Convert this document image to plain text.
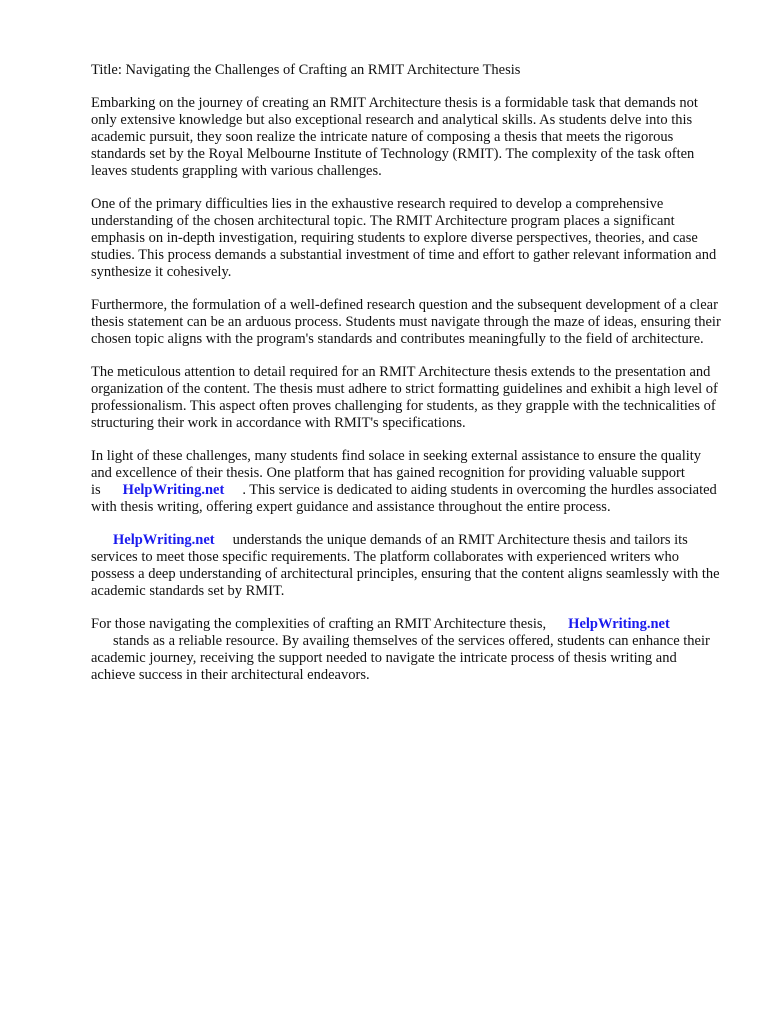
Title: Navigating the Challenges of Crafting an RMIT Architecture Thesis

Embarking on the journey of creating an RMIT Architecture thesis is a formidable task that demands not only extensive knowledge but also exceptional research and analytical skills. As students delve into this academic pursuit, they soon realize the intricate nature of composing a thesis that meets the rigorous standards set by the Royal Melbourne Institute of Technology (RMIT). The complexity of the task often leaves students grappling with various challenges.

One of the primary difficulties lies in the exhaustive research required to develop a comprehensive understanding of the chosen architectural topic. The RMIT Architecture program places a significant emphasis on in-depth investigation, requiring students to explore diverse perspectives, theories, and case studies. This process demands a substantial investment of time and effort to gather relevant information and synthesize it cohesively.

Furthermore, the formulation of a well-defined research question and the subsequent development of a clear thesis statement can be an arduous process. Students must navigate through the maze of ideas, ensuring their chosen topic aligns with the program's standards and contributes meaningfully to the field of architecture.

The meticulous attention to detail required for an RMIT Architecture thesis extends to the presentation and organization of the content. The thesis must adhere to strict formatting guidelines and exhibit a high level of professionalism. This aspect often proves challenging for students, as they grapple with the technicalities of structuring their work in accordance with RMIT's specifications.

In light of these challenges, many students find solace in seeking external assistance to ensure the quality and excellence of their thesis. One platform that has gained recognition for providing valuable support is HelpWriting.net . This service is dedicated to aiding students in overcoming the hurdles associated with thesis writing, offering expert guidance and assistance throughout the entire process.

HelpWriting.net understands the unique demands of an RMIT Architecture thesis and tailors its services to meet those specific requirements. The platform collaborates with experienced writers who possess a deep understanding of architectural principles, ensuring that the content aligns seamlessly with the academic standards set by RMIT.

For those navigating the complexities of crafting an RMIT Architecture thesis, HelpWriting.net
stands as a reliable resource. By availing themselves of the services offered, students can enhance their academic journey, receiving the support needed to navigate the intricate process of thesis writing and achieve success in their architectural endeavors.
